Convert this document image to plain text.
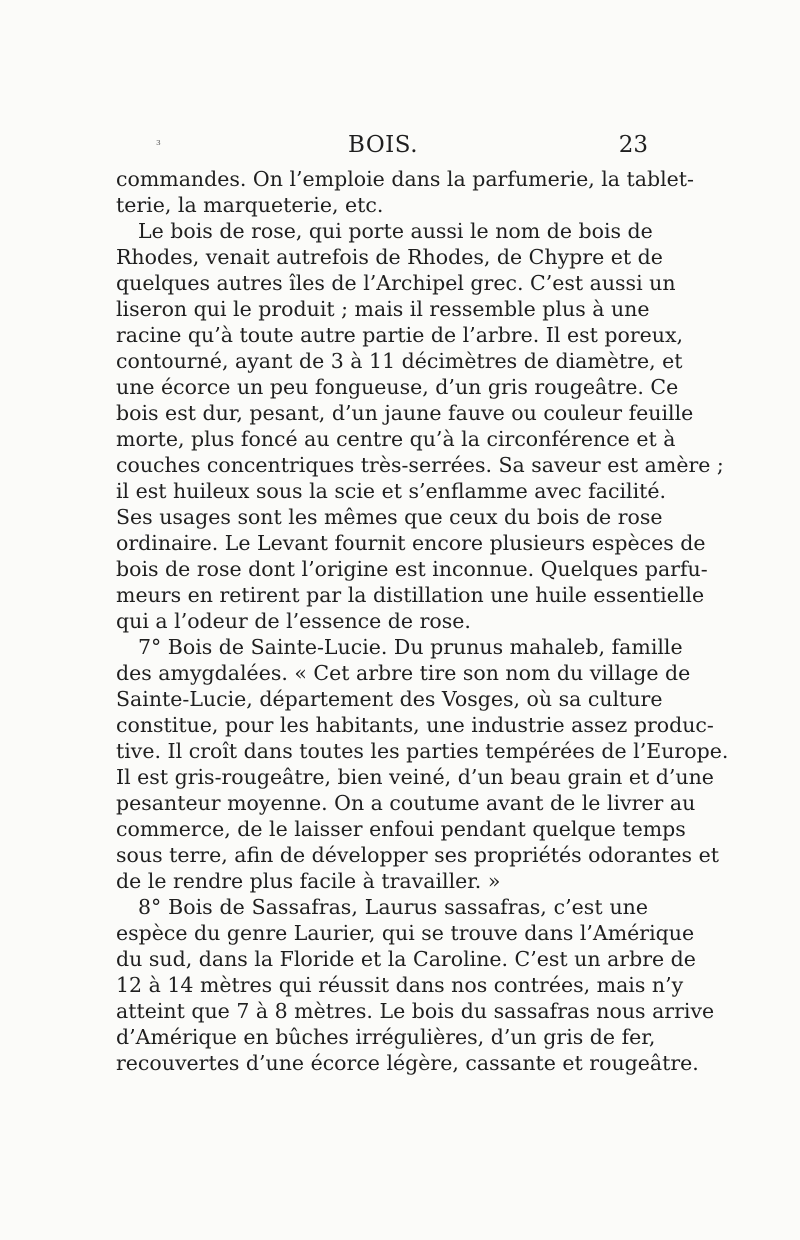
₃	BOIS.	23
commandes. On l’emploie dans la parfumerie, la tablet-
terie, la marqueterie, etc.
Le bois de rose, qui porte aussi le nom de bois de
Rhodes, venait autrefois de Rhodes, de Chypre et de
quelques autres îles de l’Archipel grec. C’est aussi un
liseron qui le produit ; mais il ressemble plus à une
racine qu’à toute autre partie de l’arbre. Il est poreux,
contourné, ayant de 3 à 11 décimètres de diamètre, et
une écorce un peu fongueuse, d’un gris rougeâtre. Ce
bois est dur, pesant, d’un jaune fauve ou couleur feuille
morte, plus foncé au centre qu’à la circonférence et à
couches concentriques très-serrées. Sa saveur est amère ;
il est huileux sous la scie et s’enflamme avec facilité.
Ses usages sont les mêmes que ceux du bois de rose
ordinaire. Le Levant fournit encore plusieurs espèces de
bois de rose dont l’origine est inconnue. Quelques parfu-
meurs en retirent par la distillation une huile essentielle
qui a l’odeur de l’essence de rose.
7° Bois de Sainte-Lucie. Du prunus mahaleb, famille
des amygdalées. « Cet arbre tire son nom du village de
Sainte-Lucie, département des Vosges, où sa culture
constitue, pour les habitants, une industrie assez produc-
tive. Il croît dans toutes les parties tempérées de l’Europe.
Il est gris-rougeâtre, bien veiné, d’un beau grain et d’une
pesanteur moyenne. On a coutume avant de le livrer au
commerce, de le laisser enfoui pendant quelque temps
sous terre, afin de développer ses propriétés odorantes et
de le rendre plus facile à travailler. »
8° Bois de Sassafras, Laurus sassafras, c’est une
espèce du genre Laurier, qui se trouve dans l’Amérique
du sud, dans la Floride et la Caroline. C’est un arbre de
12 à 14 mètres qui réussit dans nos contrées, mais n’y
atteint que 7 à 8 mètres. Le bois du sassafras nous arrive
d’Amérique en bûches irrégulières, d’un gris de fer,
recouvertes d’une écorce légère, cassante et rougeâtre.
